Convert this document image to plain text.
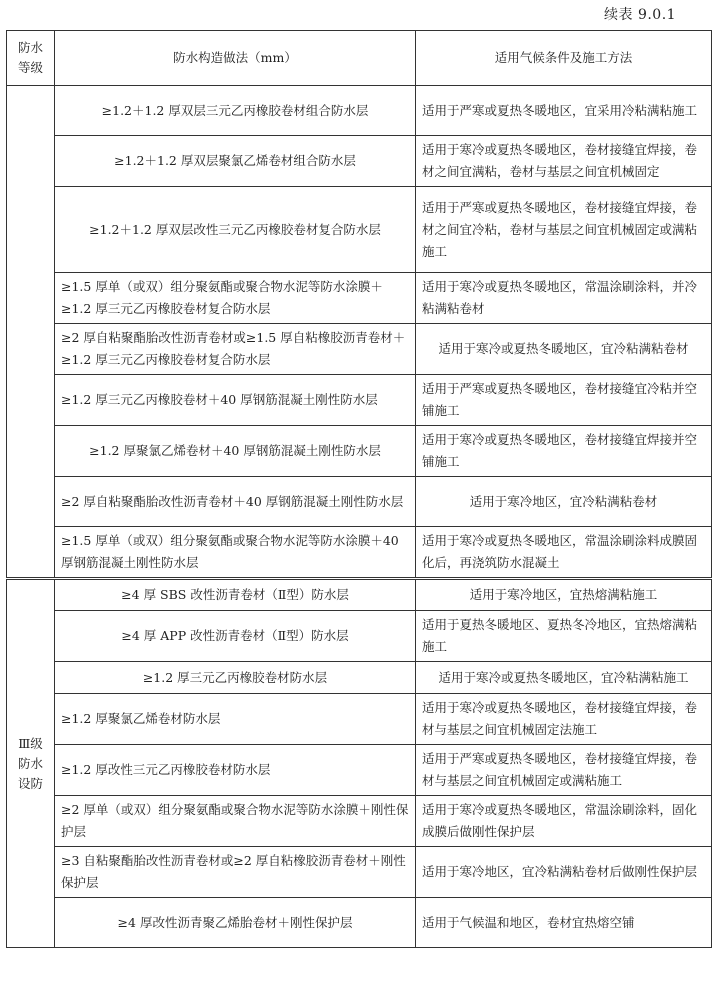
续表 9.0.1
防水
等级	防水构造做法（mm）	适用气候条件及施工方法
	≥1.2＋1.2 厚双层三元乙丙橡胶卷材组合防水层	适用于严寒或夏热冬暖地区，宜采用冷粘满粘施工
	≥1.2＋1.2 厚双层聚氯乙烯卷材组合防水层	适用于寒冷或夏热冬暖地区，卷材接缝宜焊接，卷材之间宜满粘，卷材与基层之间宜机械固定
	≥1.2＋1.2 厚双层改性三元乙丙橡胶卷材复合防水层	适用于严寒或夏热冬暖地区，卷材接缝宜焊接，卷材之间宜冷粘，卷材与基层之间宜机械固定或满粘施工
	≥1.5 厚单（或双）组分聚氨酯或聚合物水泥等防水涂膜＋≥1.2 厚三元乙丙橡胶卷材复合防水层	适用于寒冷或夏热冬暖地区，常温涂刷涂料，并冷粘满粘卷材
	≥2 厚自粘聚酯胎改性沥青卷材或≥1.5 厚自粘橡胶沥青卷材＋≥1.2 厚三元乙丙橡胶卷材复合防水层	适用于寒冷或夏热冬暖地区，宜冷粘满粘卷材
	≥1.2 厚三元乙丙橡胶卷材＋40 厚钢筋混凝土刚性防水层	适用于严寒或夏热冬暖地区，卷材接缝宜冷粘并空铺施工
	≥1.2 厚聚氯乙烯卷材＋40 厚钢筋混凝土刚性防水层	适用于寒冷或夏热冬暖地区，卷材接缝宜焊接并空铺施工
	≥2 厚自粘聚酯胎改性沥青卷材＋40 厚钢筋混凝土刚性防水层	适用于寒冷地区，宜冷粘满粘卷材
	≥1.5 厚单（或双）组分聚氨酯或聚合物水泥等防水涂膜＋40 厚钢筋混凝土刚性防水层	适用于寒冷或夏热冬暖地区，常温涂刷涂料成膜固化后，再浇筑防水混凝土
Ⅲ级
防水
设防	≥4 厚 SBS 改性沥青卷材（Ⅱ型）防水层	适用于寒冷地区，宜热熔满粘施工
	≥4 厚 APP 改性沥青卷材（Ⅱ型）防水层	适用于夏热冬暖地区、夏热冬冷地区，宜热熔满粘施工
	≥1.2 厚三元乙丙橡胶卷材防水层	适用于寒冷或夏热冬暖地区，宜冷粘满粘施工
	≥1.2 厚聚氯乙烯卷材防水层	适用于寒冷或夏热冬暖地区，卷材接缝宜焊接，卷材与基层之间宜机械固定法施工
	≥1.2 厚改性三元乙丙橡胶卷材防水层	适用于严寒或夏热冬暖地区，卷材接缝宜焊接，卷材与基层之间宜机械固定或满粘施工
	≥2 厚单（或双）组分聚氨酯或聚合物水泥等防水涂膜＋刚性保护层	适用于寒冷或夏热冬暖地区，常温涂刷涂料，固化成膜后做刚性保护层
	≥3 自粘聚酯胎改性沥青卷材或≥2 厚自粘橡胶沥青卷材＋刚性保护层	适用于寒冷地区，宜冷粘满粘卷材后做刚性保护层
	≥4 厚改性沥青聚乙烯胎卷材＋刚性保护层	适用于气候温和地区，卷材宜热熔空铺
